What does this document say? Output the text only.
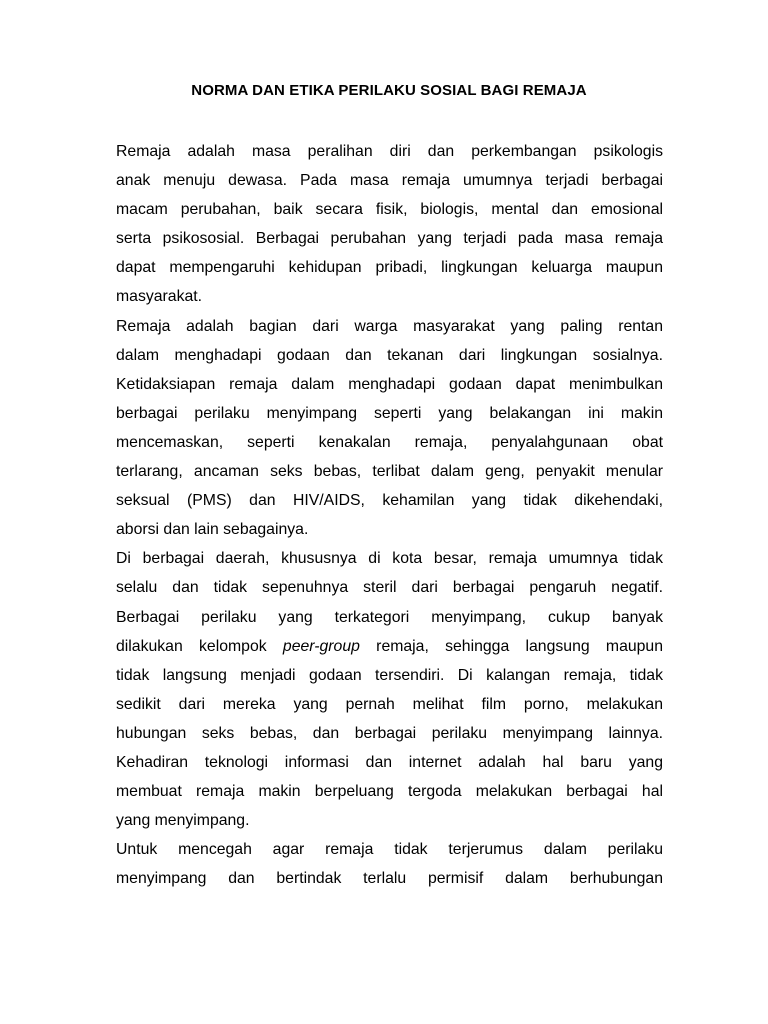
NORMA DAN ETIKA PERILAKU SOSIAL BAGI REMAJA
Remaja adalah masa peralihan diri dan perkembangan psikologis
anak menuju dewasa. Pada masa remaja umumnya terjadi berbagai
macam perubahan, baik secara fisik, biologis, mental dan emosional
serta psikososial. Berbagai perubahan yang terjadi pada masa remaja
dapat mempengaruhi kehidupan pribadi, lingkungan keluarga maupun
masyarakat.
Remaja adalah bagian dari warga masyarakat yang paling rentan
dalam menghadapi godaan dan tekanan dari lingkungan sosialnya.
Ketidaksiapan remaja dalam menghadapi godaan dapat menimbulkan
berbagai perilaku menyimpang seperti yang belakangan ini makin
mencemaskan, seperti kenakalan remaja, penyalahgunaan obat
terlarang, ancaman seks bebas, terlibat dalam geng, penyakit menular
seksual (PMS) dan HIV/AIDS, kehamilan yang tidak dikehendaki,
aborsi dan lain sebagainya.
Di berbagai daerah, khususnya di kota besar, remaja umumnya tidak
selalu dan tidak sepenuhnya steril dari berbagai pengaruh negatif.
Berbagai perilaku yang terkategori menyimpang, cukup banyak
dilakukan kelompok peer-group remaja, sehingga langsung maupun
tidak langsung menjadi godaan tersendiri. Di kalangan remaja, tidak
sedikit dari mereka yang pernah melihat film porno, melakukan
hubungan seks bebas, dan berbagai perilaku menyimpang lainnya.
Kehadiran teknologi informasi dan internet adalah hal baru yang
membuat remaja makin berpeluang tergoda melakukan berbagai hal
yang menyimpang.
Untuk mencegah agar remaja tidak terjerumus dalam perilaku
menyimpang dan bertindak terlalu permisif dalam berhubungan
